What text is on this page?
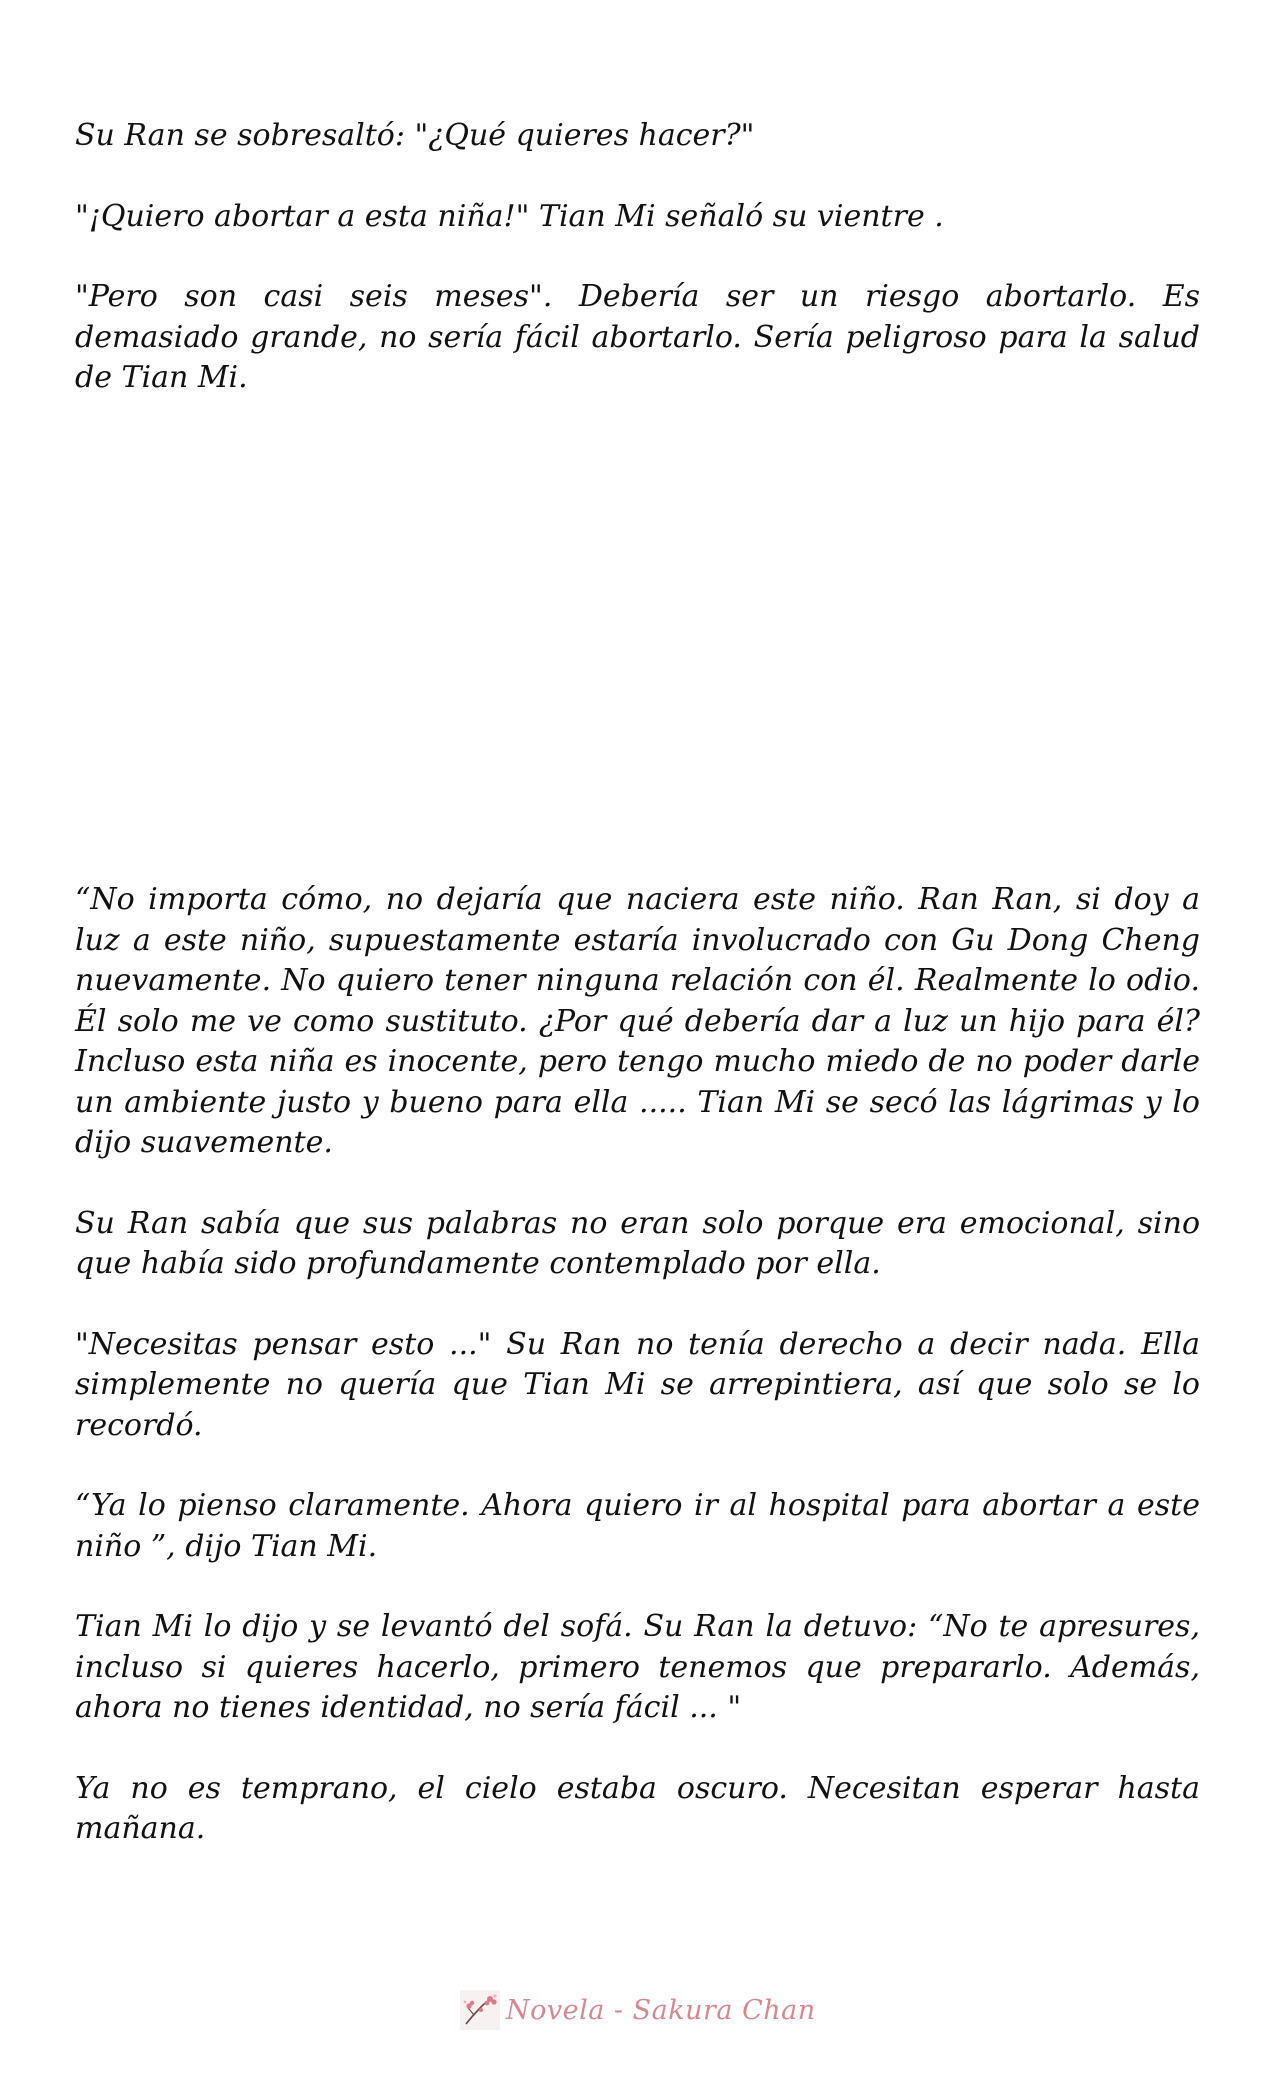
Su Ran se sobresaltó: "¿Qué quieres hacer?"

"¡Quiero abortar a esta niña!" Tian Mi señaló su vientre .

"Pero son casi seis meses". Debería ser un riesgo abortarlo. Es demasiado grande, no sería fácil abortarlo. Sería peligroso para la salud de Tian Mi.

“No importa cómo, no dejaría que naciera este niño. Ran Ran, si doy a luz a este niño, supuestamente estaría involucrado con Gu Dong Cheng nuevamente. No quiero tener ninguna relación con él. Realmente lo odio. Él solo me ve como sustituto. ¿Por qué debería dar a luz un hijo para él? Incluso esta niña es inocente, pero tengo mucho miedo de no poder darle un ambiente justo y bueno para ella ..... Tian Mi se secó las lágrimas y lo dijo suavemente.

Su Ran sabía que sus palabras no eran solo porque era emocional, sino que había sido profundamente contemplado por ella.

"Necesitas pensar esto ..." Su Ran no tenía derecho a decir nada. Ella simplemente no quería que Tian Mi se arrepintiera, así que solo se lo recordó.

“Ya lo pienso claramente. Ahora quiero ir al hospital para abortar a este niño ”, dijo Tian Mi.

Tian Mi lo dijo y se levantó del sofá. Su Ran la detuvo: “No te apresures, incluso si quieres hacerlo, primero tenemos que prepararlo. Además, ahora no tienes identidad, no sería fácil ... "

Ya no es temprano, el cielo estaba oscuro. Necesitan esperar hasta mañana.

Novela - Sakura Chan
